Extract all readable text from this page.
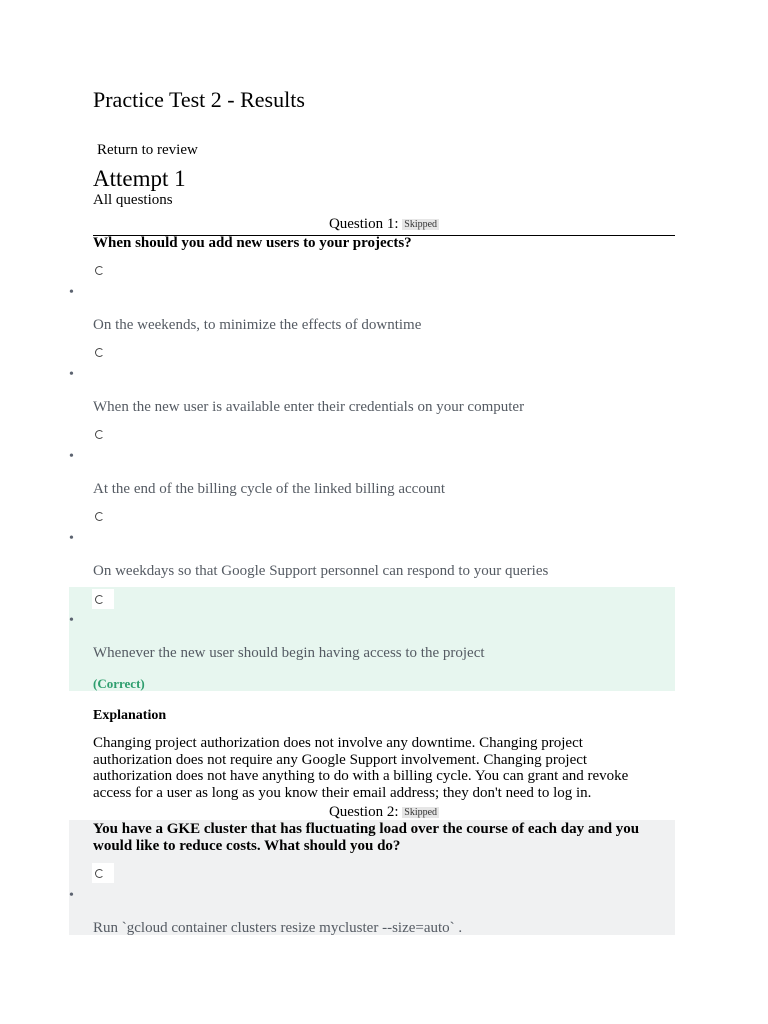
Practice Test 2 - Results
Return to review
Attempt 1
All questions
Question 1: Skipped
When should you add new users to your projects?
•
On the weekends, to minimize the effects of downtime
•
When the new user is available enter their credentials on your computer
•
At the end of the billing cycle of the linked billing account
•
On weekdays so that Google Support personnel can respond to your queries
•
Whenever the new user should begin having access to the project
(Correct)
Explanation
Changing project authorization does not involve any downtime. Changing project authorization does not require any Google Support involvement. Changing project authorization does not have anything to do with a billing cycle. You can grant and revoke access for a user as long as you know their email address; they don't need to log in.
Question 2: Skipped
You have a GKE cluster that has fluctuating load over the course of each day and you would like to reduce costs. What should you do?
•
Run `gcloud container clusters resize mycluster --size=auto` .
